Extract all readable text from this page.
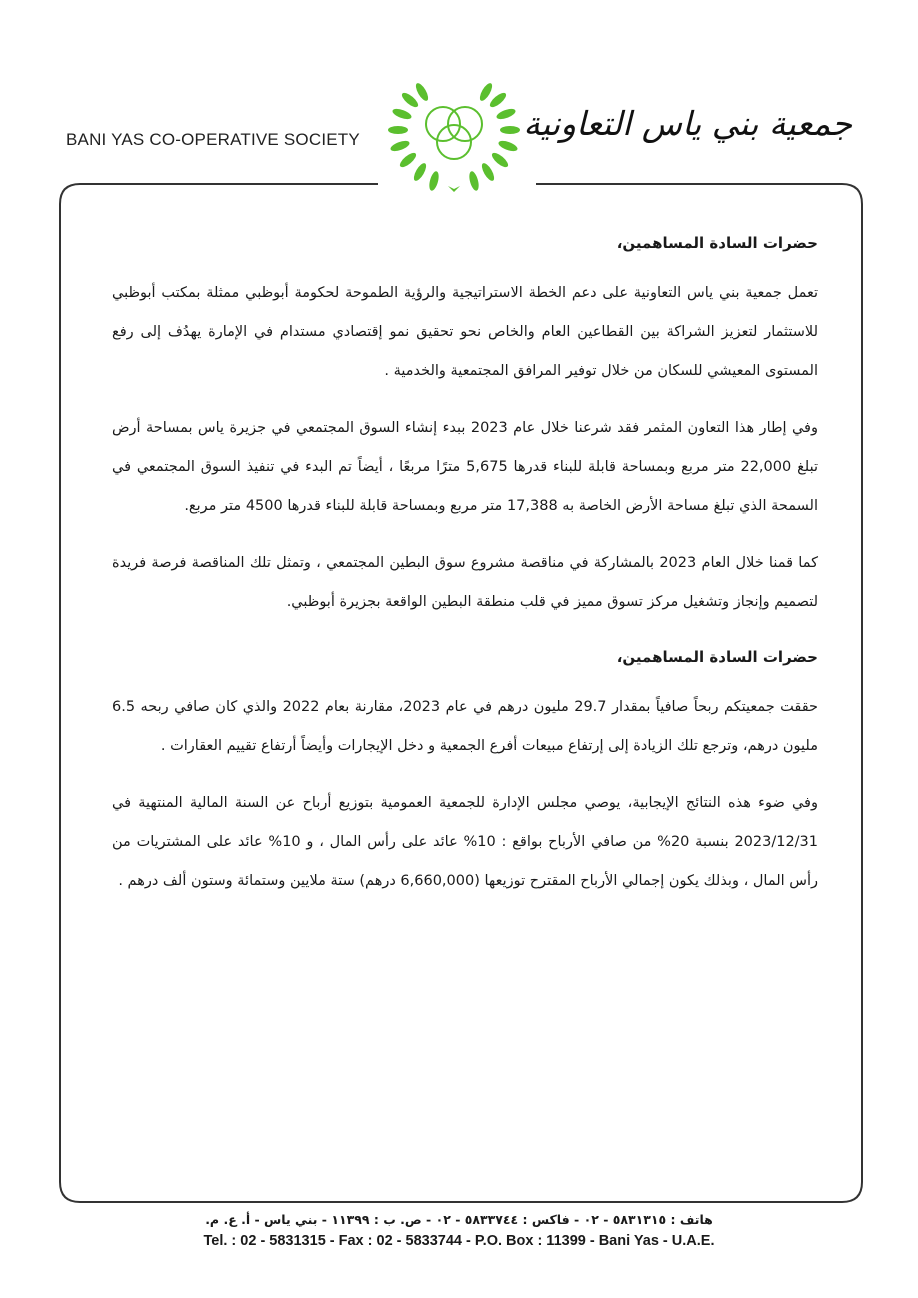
BANI YAS CO-OPERATIVE SOCIETY	جمعية بني ياس التعاونية
حضرات السادة المساهمين،

تعمل جمعية بني ياس التعاونية على دعم الخطة الاستراتيجية والرؤية الطموحة لحكومة أبوظبي ممثلة بمكتب أبوظبي للاستثمار لتعزيز الشراكة بين القطاعين العام والخاص نحو تحقيق نمو إقتصادي مستدام في الإمارة يهدُف إلى رفع المستوى المعيشي للسكان من خلال توفير المرافق المجتمعية والخدمية .

وفي إطار هذا التعاون المثمر فقد شرعنا خلال عام 2023 ببدء إنشاء السوق المجتمعي في جزيرة ياس بمساحة أرض تبلغ 22,000 متر مربع وبمساحة قابلة للبناء قدرها 5,675 مترًا مربعًا ، أيضاً تم البدء في تنفيذ السوق المجتمعي في السمحة الذي تبلغ مساحة الأرض الخاصة به 17,388 متر مربع وبمساحة قابلة للبناء قدرها 4500 متر مربع.

كما قمنا خلال العام 2023 بالمشاركة في مناقصة مشروع سوق البطين المجتمعي ، وتمثل تلك المناقصة فرصة فريدة لتصميم وإنجاز وتشغيل مركز تسوق مميز في قلب منطقة البطين الواقعة بجزيرة أبوظبي.

حضرات السادة المساهمين،

حققت جمعيتكم ربحاً صافياً بمقدار 29.7 مليون درهم في عام 2023، مقارنة بعام 2022 والذي كان صافي ربحه 6.5 مليون درهم، وترجع تلك الزيادة إلى إرتفاع مبيعات أفرع الجمعية و دخل الإيجارات وأيضاً أرتفاع تقييم العقارات .

وفي ضوء هذه النتائج الإيجابية، يوصي مجلس الإدارة للجمعية العمومية بتوزيع أرباح عن السنة المالية المنتهية في 2023/12/31 بنسبة 20% من صافي الأرباح بواقع : 10% عائد على رأس المال ، و 10% عائد على المشتريات من رأس المال ، وبذلك يكون إجمالي الأرباح المقترح توزيعها (6,660,000 درهم) ستة ملايين وستمائة وستون ألف درهم .

هاتف : ٥٨٣١٣١٥ - ٠٢ - فاكس : ٥٨٣٣٧٤٤ - ٠٢ - ص. ب : ١١٣٩٩ - بني ياس - أ. ع. م.
Tel. : 02 - 5831315 - Fax : 02 - 5833744 - P.O. Box : 11399 - Bani Yas - U.A.E.
